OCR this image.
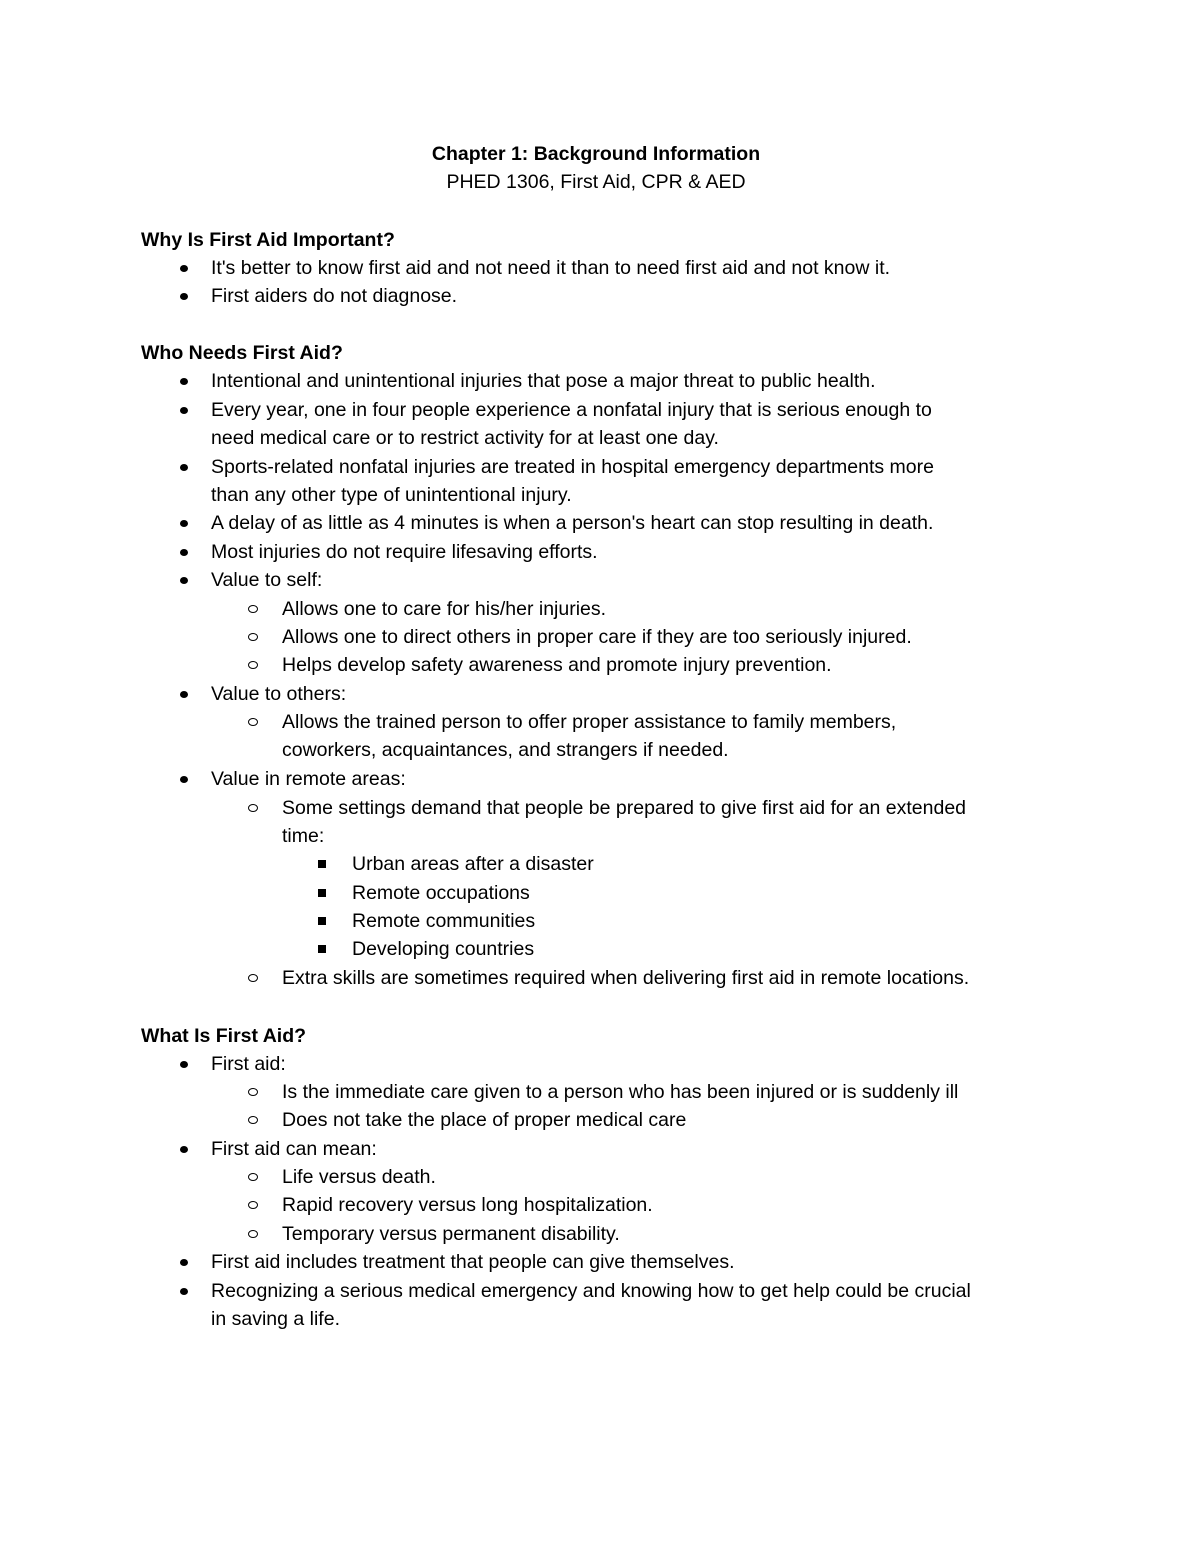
Chapter 1: Background Information
PHED 1306, First Aid, CPR & AED
Why Is First Aid Important?
It's better to know first aid and not need it than to need first aid and not know it.
First aiders do not diagnose.
Who Needs First Aid?
Intentional and unintentional injuries that pose a major threat to public health.
Every year, one in four people experience a nonfatal injury that is serious enough to
need medical care or to restrict activity for at least one day.
Sports-related nonfatal injuries are treated in hospital emergency departments more
than any other type of unintentional injury.
A delay of as little as 4 minutes is when a person's heart can stop resulting in death.
Most injuries do not require lifesaving efforts.
Value to self:
Allows one to care for his/her injuries.
Allows one to direct others in proper care if they are too seriously injured.
Helps develop safety awareness and promote injury prevention.
Value to others:
Allows the trained person to offer proper assistance to family members,
coworkers, acquaintances, and strangers if needed.
Value in remote areas:
Some settings demand that people be prepared to give first aid for an extended
time:
Urban areas after a disaster
Remote occupations
Remote communities
Developing countries
Extra skills are sometimes required when delivering first aid in remote locations.
What Is First Aid?
First aid:
Is the immediate care given to a person who has been injured or is suddenly ill
Does not take the place of proper medical care
First aid can mean:
Life versus death.
Rapid recovery versus long hospitalization.
Temporary versus permanent disability.
First aid includes treatment that people can give themselves.
Recognizing a serious medical emergency and knowing how to get help could be crucial
in saving a life.
